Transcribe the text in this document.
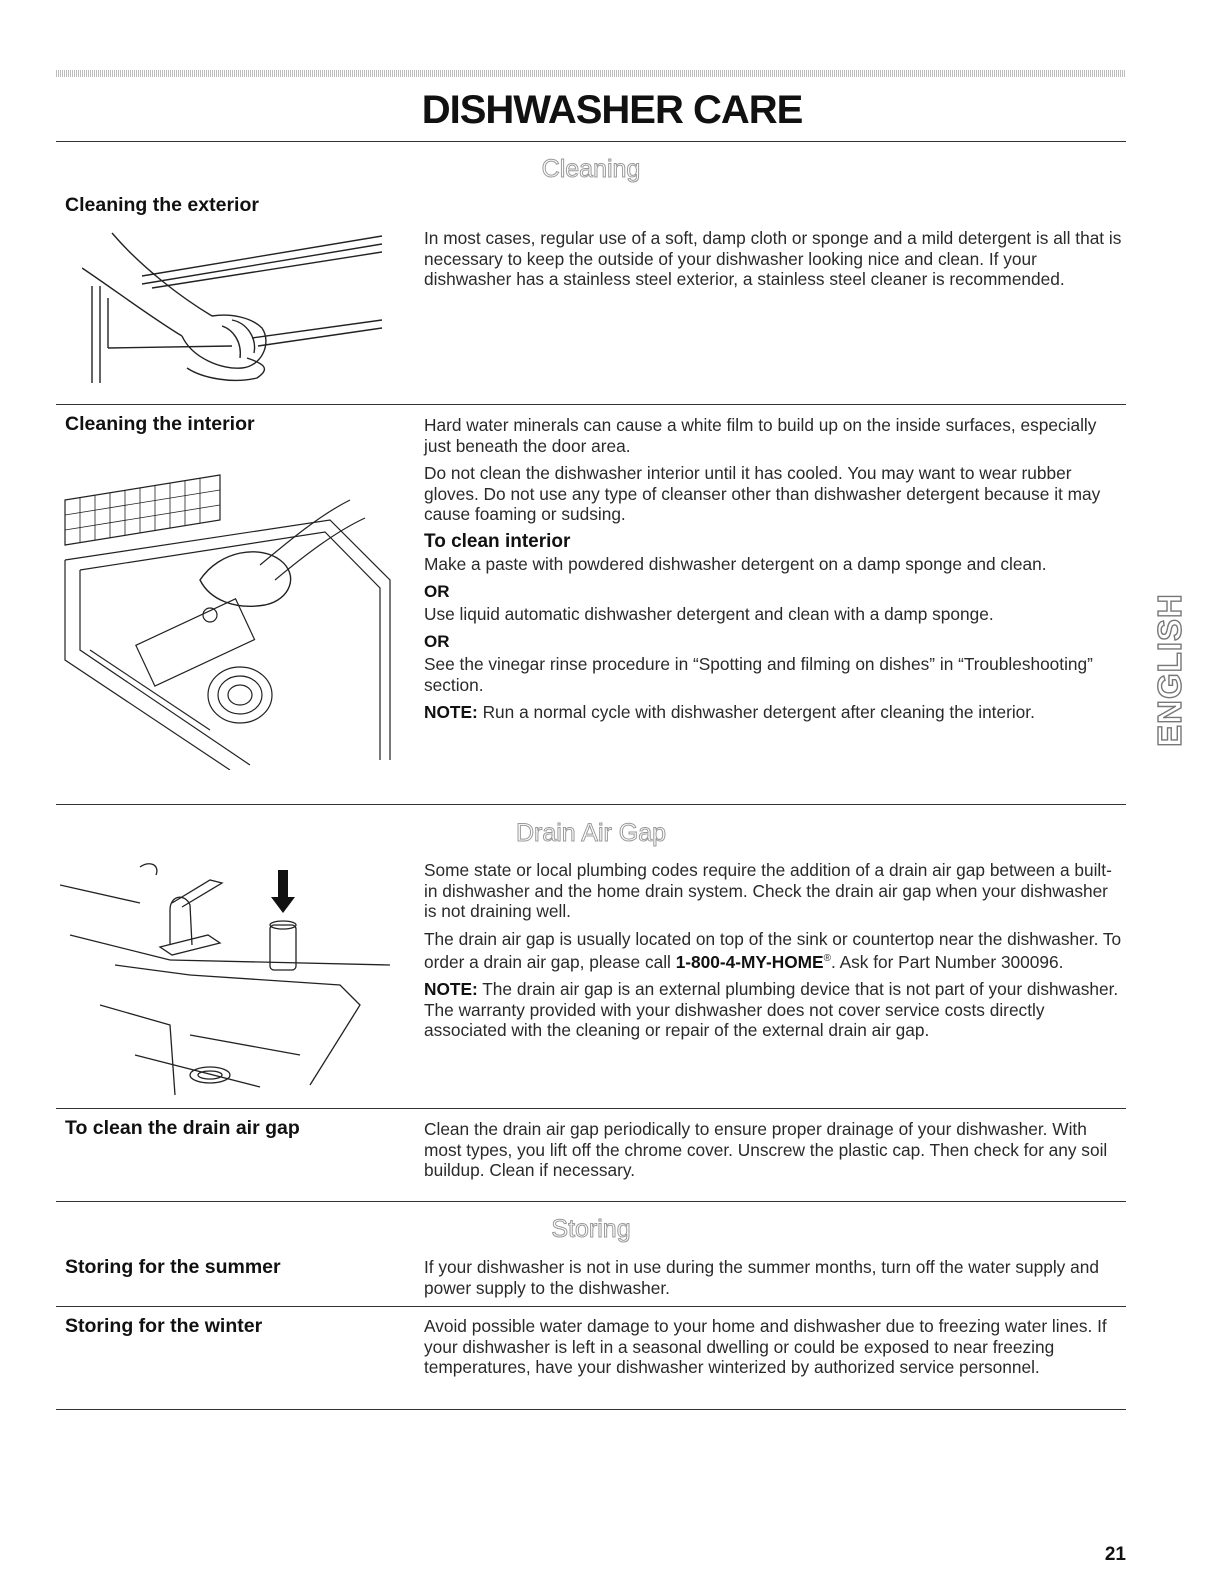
DISHWASHER CARE
Cleaning
Cleaning the exterior

In most cases, regular use of a soft, damp cloth or sponge and a mild detergent is all that is necessary to keep the outside of your dishwasher looking nice and clean. If your dishwasher has a stainless steel exterior, a stainless steel cleaner is recommended.

Cleaning the interior	Hard water minerals can cause a white film to build up on the inside surfaces, especially just beneath the door area.

Do not clean the dishwasher interior until it has cooled. You may want to wear rubber gloves. Do not use any type of cleanser other than dishwasher detergent because it may cause foaming or sudsing.

To clean interior

Make a paste with powdered dishwasher detergent on a damp sponge and clean.

OR

Use liquid automatic dishwasher detergent and clean with a damp sponge.

OR

See the vinegar rinse procedure in “Spotting and filming on dishes” in “Troubleshooting” section.

NOTE: Run a normal cycle with dishwasher detergent after cleaning the interior.

Drain Air Gap

Some state or local plumbing codes require the addition of a drain air gap between a built-in dishwasher and the home drain system. Check the drain air gap when your dishwasher is not draining well.

The drain air gap is usually located on top of the sink or countertop near the dishwasher. To order a drain air gap, please call 1-800-4-MY-HOME®. Ask for Part Number 300096.

NOTE: The drain air gap is an external plumbing device that is not part of your dishwasher. The warranty provided with your dishwasher does not cover service costs directly associated with the cleaning or repair of the external drain air gap.

To clean the drain air gap	Clean the drain air gap periodically to ensure proper drainage of your dishwasher. With most types, you lift off the chrome cover. Unscrew the plastic cap. Then check for any soil buildup. Clean if necessary.

Storing
Storing for the summer	If your dishwasher is not in use during the summer months, turn off the water supply and power supply to the dishwasher.

Storing for the winter	Avoid possible water damage to your home and dishwasher due to freezing water lines. If your dishwasher is left in a seasonal dwelling or could be exposed to near freezing temperatures, have your dishwasher winterized by authorized service personnel.

ENGLISH
21
